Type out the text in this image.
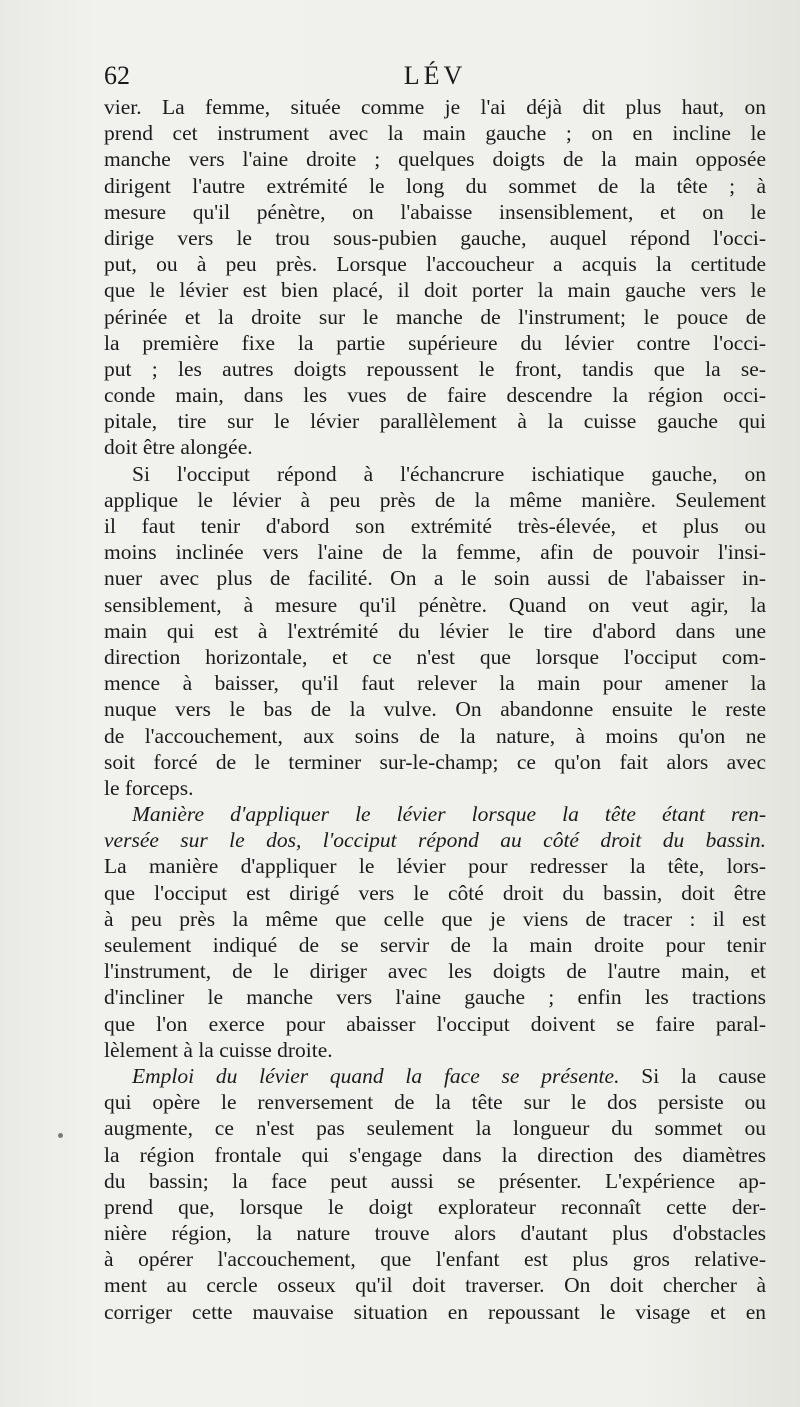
62	LÉV
vier. La femme, située comme je l'ai déjà dit plus haut, on
prend cet instrument avec la main gauche ; on en incline le
manche vers l'aine droite ; quelques doigts de la main opposée
dirigent l'autre extrémité le long du sommet de la tête ; à
mesure qu'il pénètre, on l'abaisse insensiblement, et on le
dirige vers le trou sous-pubien gauche, auquel répond l'occi-
put, ou à peu près. Lorsque l'accoucheur a acquis la certitude
que le lévier est bien placé, il doit porter la main gauche vers le
périnée et la droite sur le manche de l'instrument; le pouce de
la première fixe la partie supérieure du lévier contre l'occi-
put ; les autres doigts repoussent le front, tandis que la se-
conde main, dans les vues de faire descendre la région occi-
pitale, tire sur le lévier parallèlement à la cuisse gauche qui
doit être alongée.
Si l'occiput répond à l'échancrure ischiatique gauche, on
applique le lévier à peu près de la même manière. Seulement
il faut tenir d'abord son extrémité très-élevée, et plus ou
moins inclinée vers l'aine de la femme, afin de pouvoir l'insi-
nuer avec plus de facilité. On a le soin aussi de l'abaisser in-
sensiblement, à mesure qu'il pénètre. Quand on veut agir, la
main qui est à l'extrémité du lévier le tire d'abord dans une
direction horizontale, et ce n'est que lorsque l'occiput com-
mence à baisser, qu'il faut relever la main pour amener la
nuque vers le bas de la vulve. On abandonne ensuite le reste
de l'accouchement, aux soins de la nature, à moins qu'on ne
soit forcé de le terminer sur-le-champ; ce qu'on fait alors avec
le forceps.
Manière d'appliquer le lévier lorsque la tête étant ren-
versée sur le dos, l'occiput répond au côté droit du bassin.
La manière d'appliquer le lévier pour redresser la tête, lors-
que l'occiput est dirigé vers le côté droit du bassin, doit être
à peu près la même que celle que je viens de tracer : il est
seulement indiqué de se servir de la main droite pour tenir
l'instrument, de le diriger avec les doigts de l'autre main, et
d'incliner le manche vers l'aine gauche ; enfin les tractions
que l'on exerce pour abaisser l'occiput doivent se faire paral-
lèlement à la cuisse droite.
Emploi du lévier quand la face se présente. Si la cause
qui opère le renversement de la tête sur le dos persiste ou
augmente, ce n'est pas seulement la longueur du sommet ou
la région frontale qui s'engage dans la direction des diamètres
du bassin; la face peut aussi se présenter. L'expérience ap-
prend que, lorsque le doigt explorateur reconnaît cette der-
nière région, la nature trouve alors d'autant plus d'obstacles
à opérer l'accouchement, que l'enfant est plus gros relative-
ment au cercle osseux qu'il doit traverser. On doit chercher à
corriger cette mauvaise situation en repoussant le visage et en
